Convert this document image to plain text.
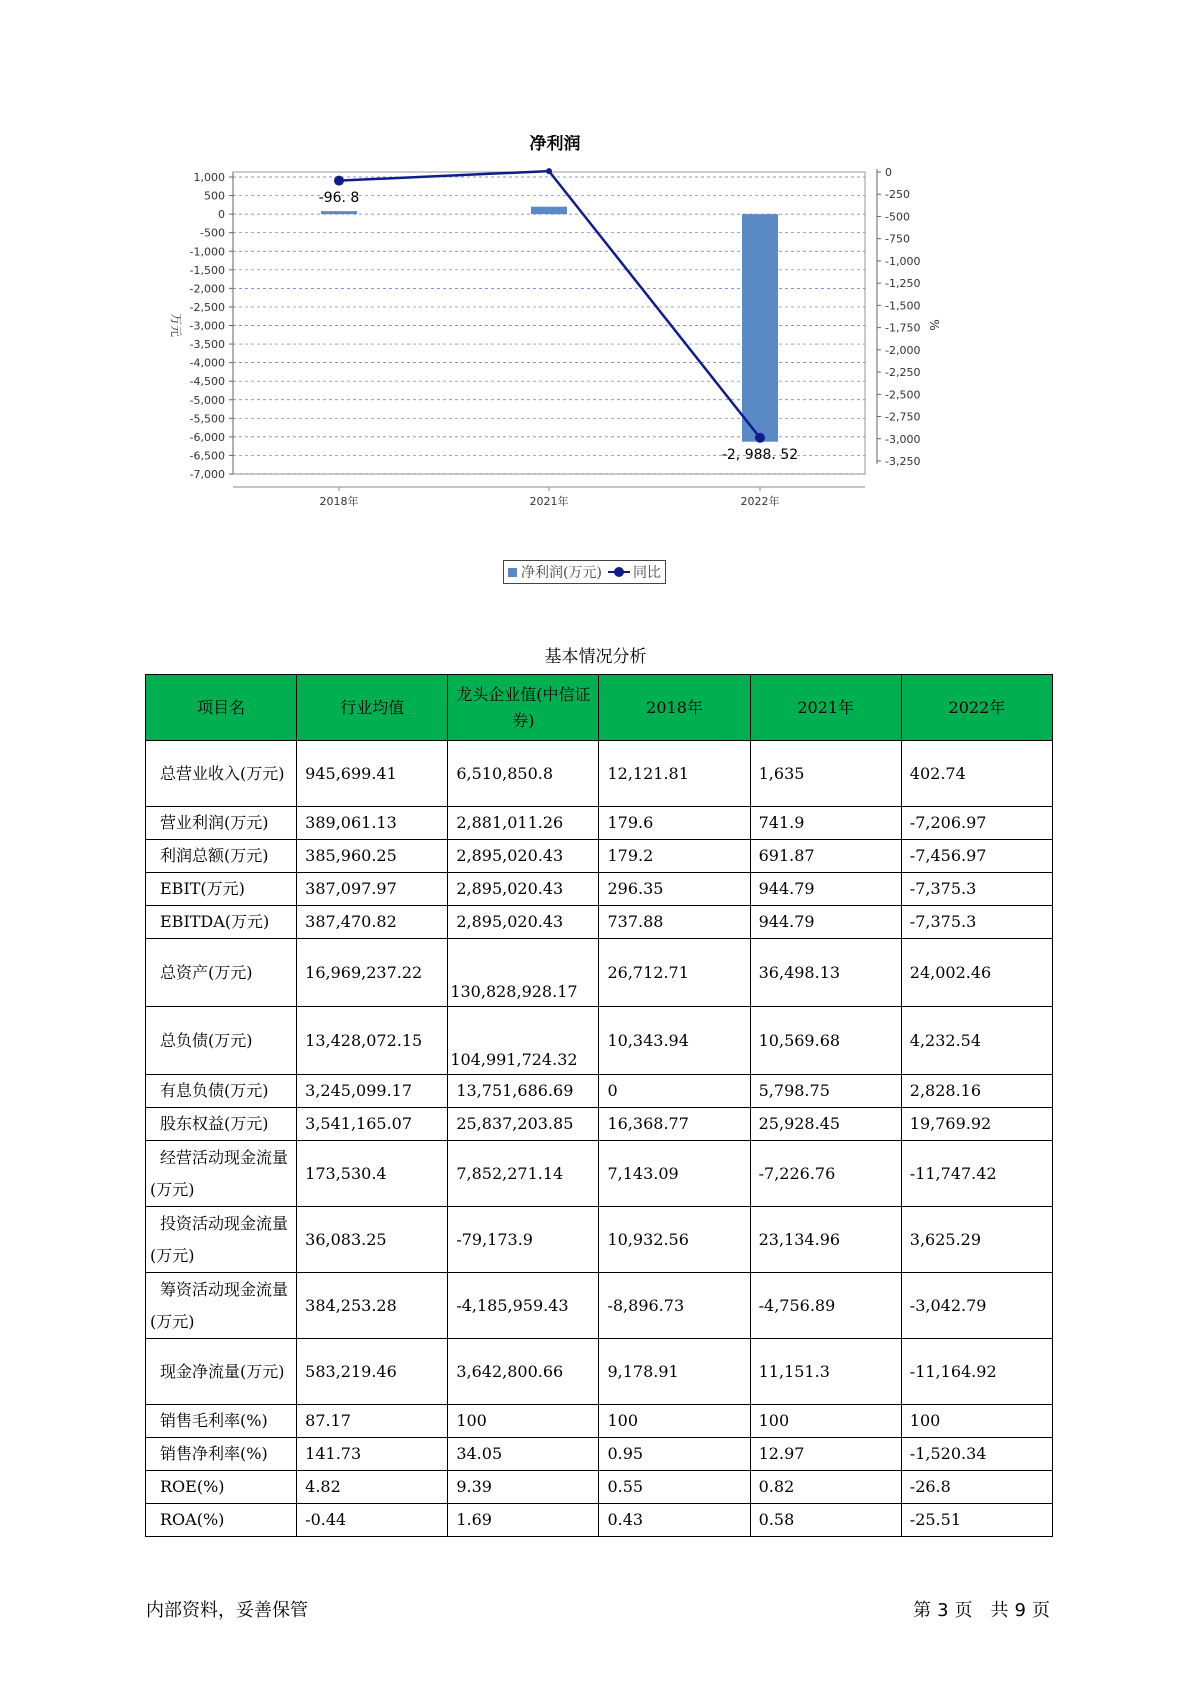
净利润
1,000
500
0
-500
-1,000
-1,500
-2,000
-2,500
-3,000
-3,500
-4,000
-4,500
-5,000
-5,500
-6,000
-6,500
-7,000
万元
0
-250
-500
-750
-1,000
-1,250
-1,500
-1,750
-2,000
-2,250
-2,500
-2,750
-3,000
-3,250
%
2018年	2021年	2022年
-96. 8
-2, 988. 52
净利润(万元) 同比
基本情况分析
项目名	行业均值	龙头企业值(中信证券)	2018年	2021年	2022年
总营业收入(万元)	945,699.41	6,510,850.8	12,121.81	1,635	402.74
营业利润(万元)	389,061.13	2,881,011.26	179.6	741.9	-7,206.97
利润总额(万元)	385,960.25	2,895,020.43	179.2	691.87	-7,456.97
EBIT(万元)	387,097.97	2,895,020.43	296.35	944.79	-7,375.3
EBITDA(万元)	387,470.82	2,895,020.43	737.88	944.79	-7,375.3
总资产(万元)	16,969,237.22	130,828,928.17	26,712.71	36,498.13	24,002.46
总负债(万元)	13,428,072.15	104,991,724.32	10,343.94	10,569.68	4,232.54
有息负债(万元)	3,245,099.17	13,751,686.69	0	5,798.75	2,828.16
股东权益(万元)	3,541,165.07	25,837,203.85	16,368.77	25,928.45	19,769.92
经营活动现金流量(万元)	173,530.4	7,852,271.14	7,143.09	-7,226.76	-11,747.42
投资活动现金流量(万元)	36,083.25	-79,173.9	10,932.56	23,134.96	3,625.29
筹资活动现金流量(万元)	384,253.28	-4,185,959.43	-8,896.73	-4,756.89	-3,042.79
现金净流量(万元)	583,219.46	3,642,800.66	9,178.91	11,151.3	-11,164.92
销售毛利率(%)	87.17	100	100	100	100
销售净利率(%)	141.73	34.05	0.95	12.97	-1,520.34
ROE(%)	4.82	9.39	0.55	0.82	-26.8
ROA(%)	-0.44	1.69	0.43	0.58	-25.51
内部资料，妥善保管	第 3 页　共 9 页
